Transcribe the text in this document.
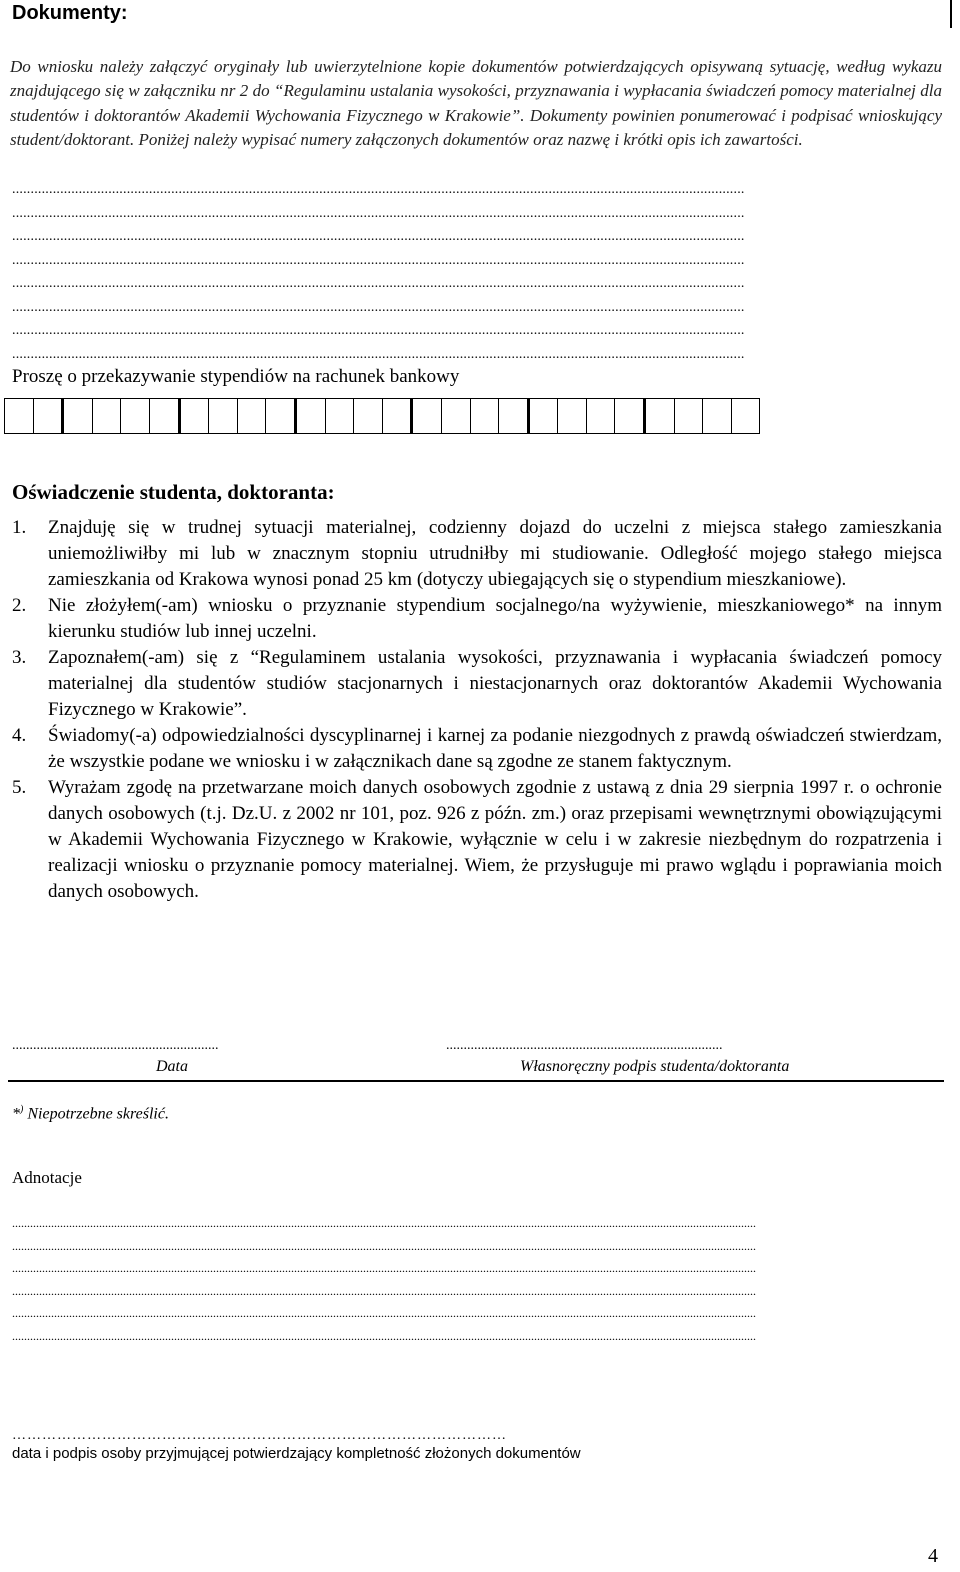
Dokumenty:
Do wniosku należy załączyć oryginały lub uwierzytelnione kopie dokumentów potwierdzających opisywaną sytuację, według wykazu znajdującego się w załączniku nr 2 do “Regulaminu ustalania wysokości, przyznawania i wypłacania świadczeń pomocy materialnej dla studentów i doktorantów Akademii Wychowania Fizycznego w Krakowie”. Dokumenty powinien ponumerować i podpisać wnioskujący student/doktorant. Poniżej należy wypisać numery załączonych dokumentów oraz nazwę i krótki opis ich zawartości.
......................................................................................................................................................................................................
......................................................................................................................................................................................................
......................................................................................................................................................................................................
......................................................................................................................................................................................................
......................................................................................................................................................................................................
......................................................................................................................................................................................................
......................................................................................................................................................................................................
......................................................................................................................................................................................................
Proszę o przekazywanie stypendiów na rachunek bankowy
Oświadczenie studenta, doktoranta:
1.	Znajduję się w trudnej sytuacji materialnej, codzienny dojazd do uczelni z miejsca stałego zamieszkania uniemożliwiłby mi lub w znacznym stopniu utrudniłby mi studiowanie. Odległość mojego stałego miejsca zamieszkania od Krakowa wynosi ponad 25 km (dotyczy ubiegających się o stypendium mieszkaniowe).
2.	Nie złożyłem(-am) wniosku o przyznanie stypendium socjalnego/na wyżywienie, mieszkaniowego* na innym kierunku studiów lub innej uczelni.
3.	Zapoznałem(-am) się z “Regulaminem ustalania wysokości, przyznawania i wypłacania świadczeń pomocy materialnej dla studentów studiów stacjonarnych i niestacjonarnych oraz doktorantów Akademii Wychowania Fizycznego w Krakowie”.
4.	Świadomy(-a) odpowiedzialności dyscyplinarnej i karnej za podanie niezgodnych z prawdą oświadczeń stwierdzam, że wszystkie podane we wniosku i w załącznikach dane są zgodne ze stanem faktycznym.
5.	Wyrażam zgodę na przetwarzane moich danych osobowych zgodnie z ustawą z dnia 29 sierpnia 1997 r. o ochronie danych osobowych (t.j. Dz.U. z 2002 nr 101, poz. 926 z późn. zm.) oraz przepisami wewnętrznymi obowiązującymi w Akademii Wychowania Fizycznego w Krakowie, wyłącznie w celu i w zakresie niezbędnym do rozpatrzenia i realizacji wniosku o przyznanie pomocy materialnej. Wiem, że przysługuje mi prawo wglądu i poprawiania moich danych osobowych.
...........................................................
Data
...............................................................................
Własnoręczny podpis studenta/doktoranta
*) Niepotrzebne skreślić.
Adnotacje
........................................................................................................................................................................................................................................................
........................................................................................................................................................................................................................................................
........................................................................................................................................................................................................................................................
........................................................................................................................................................................................................................................................
........................................................................................................................................................................................................................................................
........................................................................................................................................................................................................................................................
………………………………………………………………………………………
data i podpis osoby przyjmującej potwierdzający kompletność złożonych dokumentów
4
